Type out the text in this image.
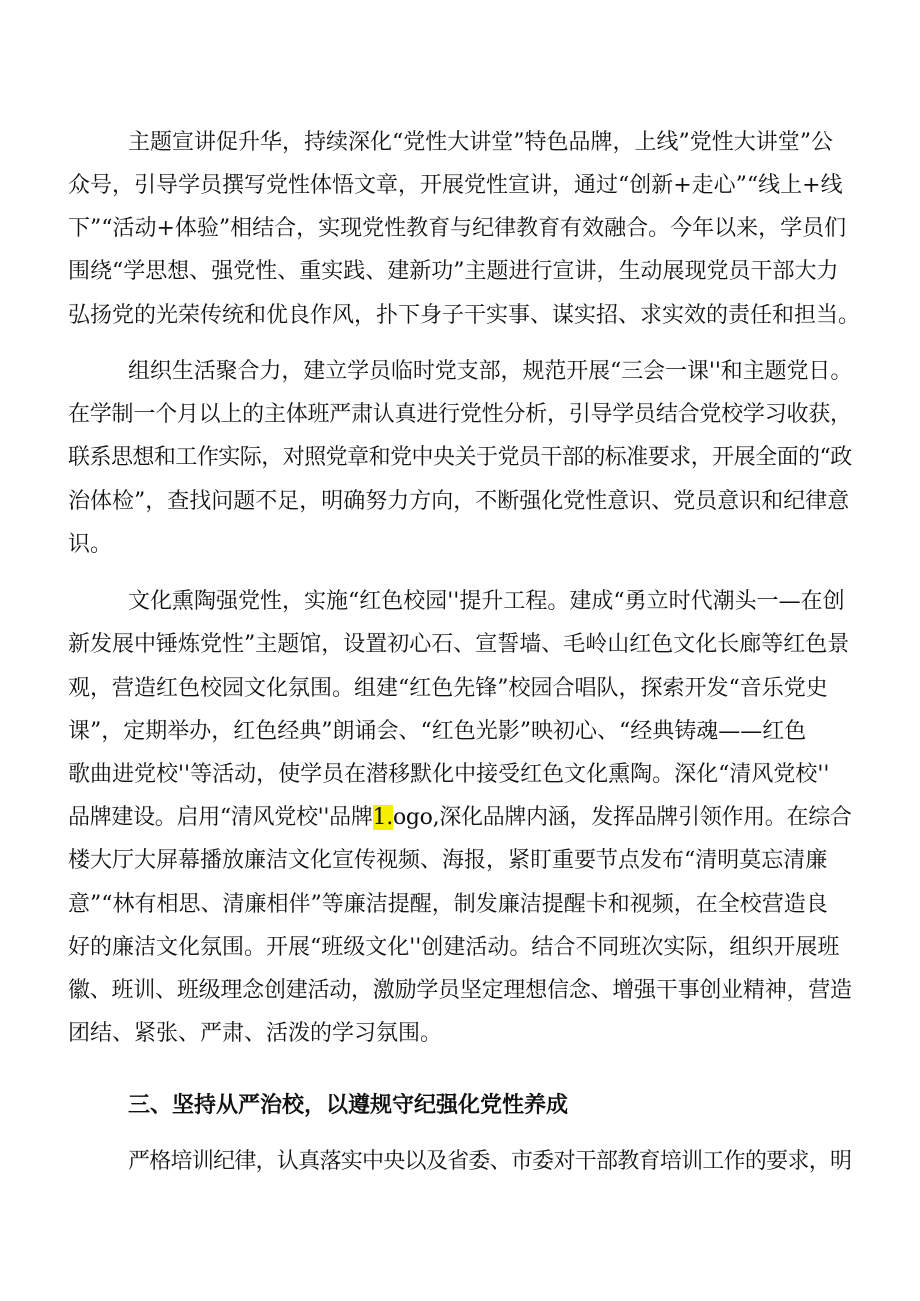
主题宣讲促升华，持续深化“党性大讲堂”特色品牌，上线”党性大讲堂”公
众号，引导学员撰写党性体悟文章，开展党性宣讲，通过“创新+走心”“线上+线
下”“活动+体验”相结合，实现党性教育与纪律教育有效融合。今年以来，学员们
围绕“学思想、强党性、重实践、建新功”主题进行宣讲，生动展现党员干部大力
弘扬党的光荣传统和优良作风，扑下身子干实事、谋实招、求实效的责任和担当。
组织生活聚合力，建立学员临时党支部，规范开展“三会一课''和主题党日。
在学制一个月以上的主体班严肃认真进行党性分析，引导学员结合党校学习收获，
联系思想和工作实际，对照党章和党中央关于党员干部的标准要求，开展全面的“政
治体检”，查找问题不足，明确努力方向，不断强化党性意识、党员意识和纪律意
识。
文化熏陶强党性，实施“红色校园''提升工程。建成“勇立时代潮头一—在创
新发展中锤炼党性”主题馆，设置初心石、宣誓墙、毛岭山红色文化长廊等红色景
观，营造红色校园文化氛围。组建“红色先锋”校园合唱队，探索开发“音乐党史
课”，定期举办，红色经典”朗诵会、“红色光影”映初心、“经典铸魂——红色
歌曲进党校''等活动，使学员在潜移默化中接受红色文化熏陶。深化“清风党校''
品牌建设。启用“清风党校''品牌1.ogo,深化品牌内涵，发挥品牌引领作用。在综合
楼大厅大屏幕播放廉洁文化宣传视频、海报，紧盯重要节点发布“清明莫忘清廉
意”“林有相思、清廉相伴”等廉洁提醒，制发廉洁提醒卡和视频，在全校营造良
好的廉洁文化氛围。开展“班级文化''创建活动。结合不同班次实际，组织开展班
徽、班训、班级理念创建活动，激励学员坚定理想信念、增强干事创业精神，营造
团结、紧张、严肃、活泼的学习氛围。
三、坚持从严治校，以遵规守纪强化党性养成
严格培训纪律，认真落实中央以及省委、市委对干部教育培训工作的要求，明
